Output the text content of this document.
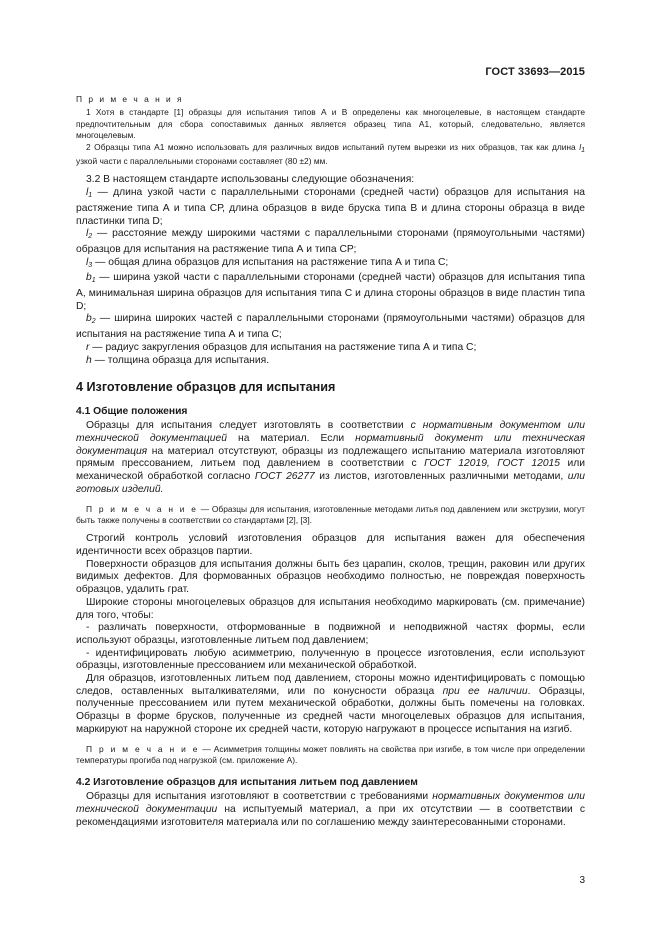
ГОСТ 33693—2015

П р и м е ч а н и я

1 Хотя в стандарте [1] образцы для испытания типов А и В определены как многоцелевые, в настоящем стандарте предпочтительным для сбора сопоставимых данных является образец типа А1, который, следовательно, является многоцелевым.

2 Образцы типа А1 можно использовать для различных видов испытаний путем вырезки из них образцов, так как длина $l_1$ узкой части с параллельными сторонами составляет (80 ±2) мм.

3.2 В настоящем стандарте использованы следующие обозначения:

$l_1$ — длина узкой части с параллельными сторонами (средней части) образцов для испытания на растяжение типа А и типа СР, длина образцов в виде бруска типа В и длина стороны образца в виде пластинки типа D;

$l_2$ — расстояние между широкими частями с параллельными сторонами (прямоугольными частями) образцов для испытания на растяжение типа А и типа СР;

$l_3$ — общая длина образцов для испытания на растяжение типа А и типа С;

$b_1$ — ширина узкой части с параллельными сторонами (средней части) образцов для испытания типа А, минимальная ширина образцов для испытания типа С и длина стороны образцов в виде пластин типа D;

$b_2$ — ширина широких частей с параллельными сторонами (прямоугольными частями) образцов для испытания на растяжение типа А и типа С;

r — радиус закругления образцов для испытания на растяжение типа А и типа С;

h — толщина образца для испытания.

4 Изготовление образцов для испытания

4.1 Общие положения

Образцы для испытания следует изготовлять в соответствии с нормативным документом или технической документацией на материал. Если нормативный документ или техническая документация на материал отсутствуют, образцы из подлежащего испытанию материала изготовляют прямым прессованием, литьем под давлением в соответствии с ГОСТ 12019, ГОСТ 12015 или механической обработкой согласно ГОСТ 26277 из листов, изготовленных различными методами, или готовых изделий.

П р и м е ч а н и е — Образцы для испытания, изготовленные методами литья под давлением или экструзии, могут быть также получены в соответствии со стандартами [2], [3].

Строгий контроль условий изготовления образцов для испытания важен для обеспечения идентичности всех образцов партии.

Поверхности образцов для испытания должны быть без царапин, сколов, трещин, раковин или других видимых дефектов. Для формованных образцов необходимо полностью, не повреждая поверхность образцов, удалить грат.

Широкие стороны многоцелевых образцов для испытания необходимо маркировать (см. примечание) для того, чтобы:

- различать поверхности, отформованные в подвижной и неподвижной частях формы, если используют образцы, изготовленные литьем под давлением;

- идентифицировать любую асимметрию, полученную в процессе изготовления, если используют образцы, изготовленные прессованием или механической обработкой.

Для образцов, изготовленных литьем под давлением, стороны можно идентифицировать с помощью следов, оставленных выталкивателями, или по конусности образца при ее наличии. Образцы, полученные прессованием или путем механической обработки, должны быть помечены на головках. Образцы в форме брусков, полученные из средней части многоцелевых образцов для испытания, маркируют на наружной стороне их средней части, которую нагружают в процессе испытания на изгиб.

П р и м е ч а н и е — Асимметрия толщины может повлиять на свойства при изгибе, в том числе при определении температуры прогиба под нагрузкой (см. приложение А).

4.2 Изготовление образцов для испытания литьем под давлением

Образцы для испытания изготовляют в соответствии с требованиями нормативных документов или технической документации на испытуемый материал, а при их отсутствии — в соответствии с рекомендациями изготовителя материала или по соглашению между заинтересованными сторонами.

3
